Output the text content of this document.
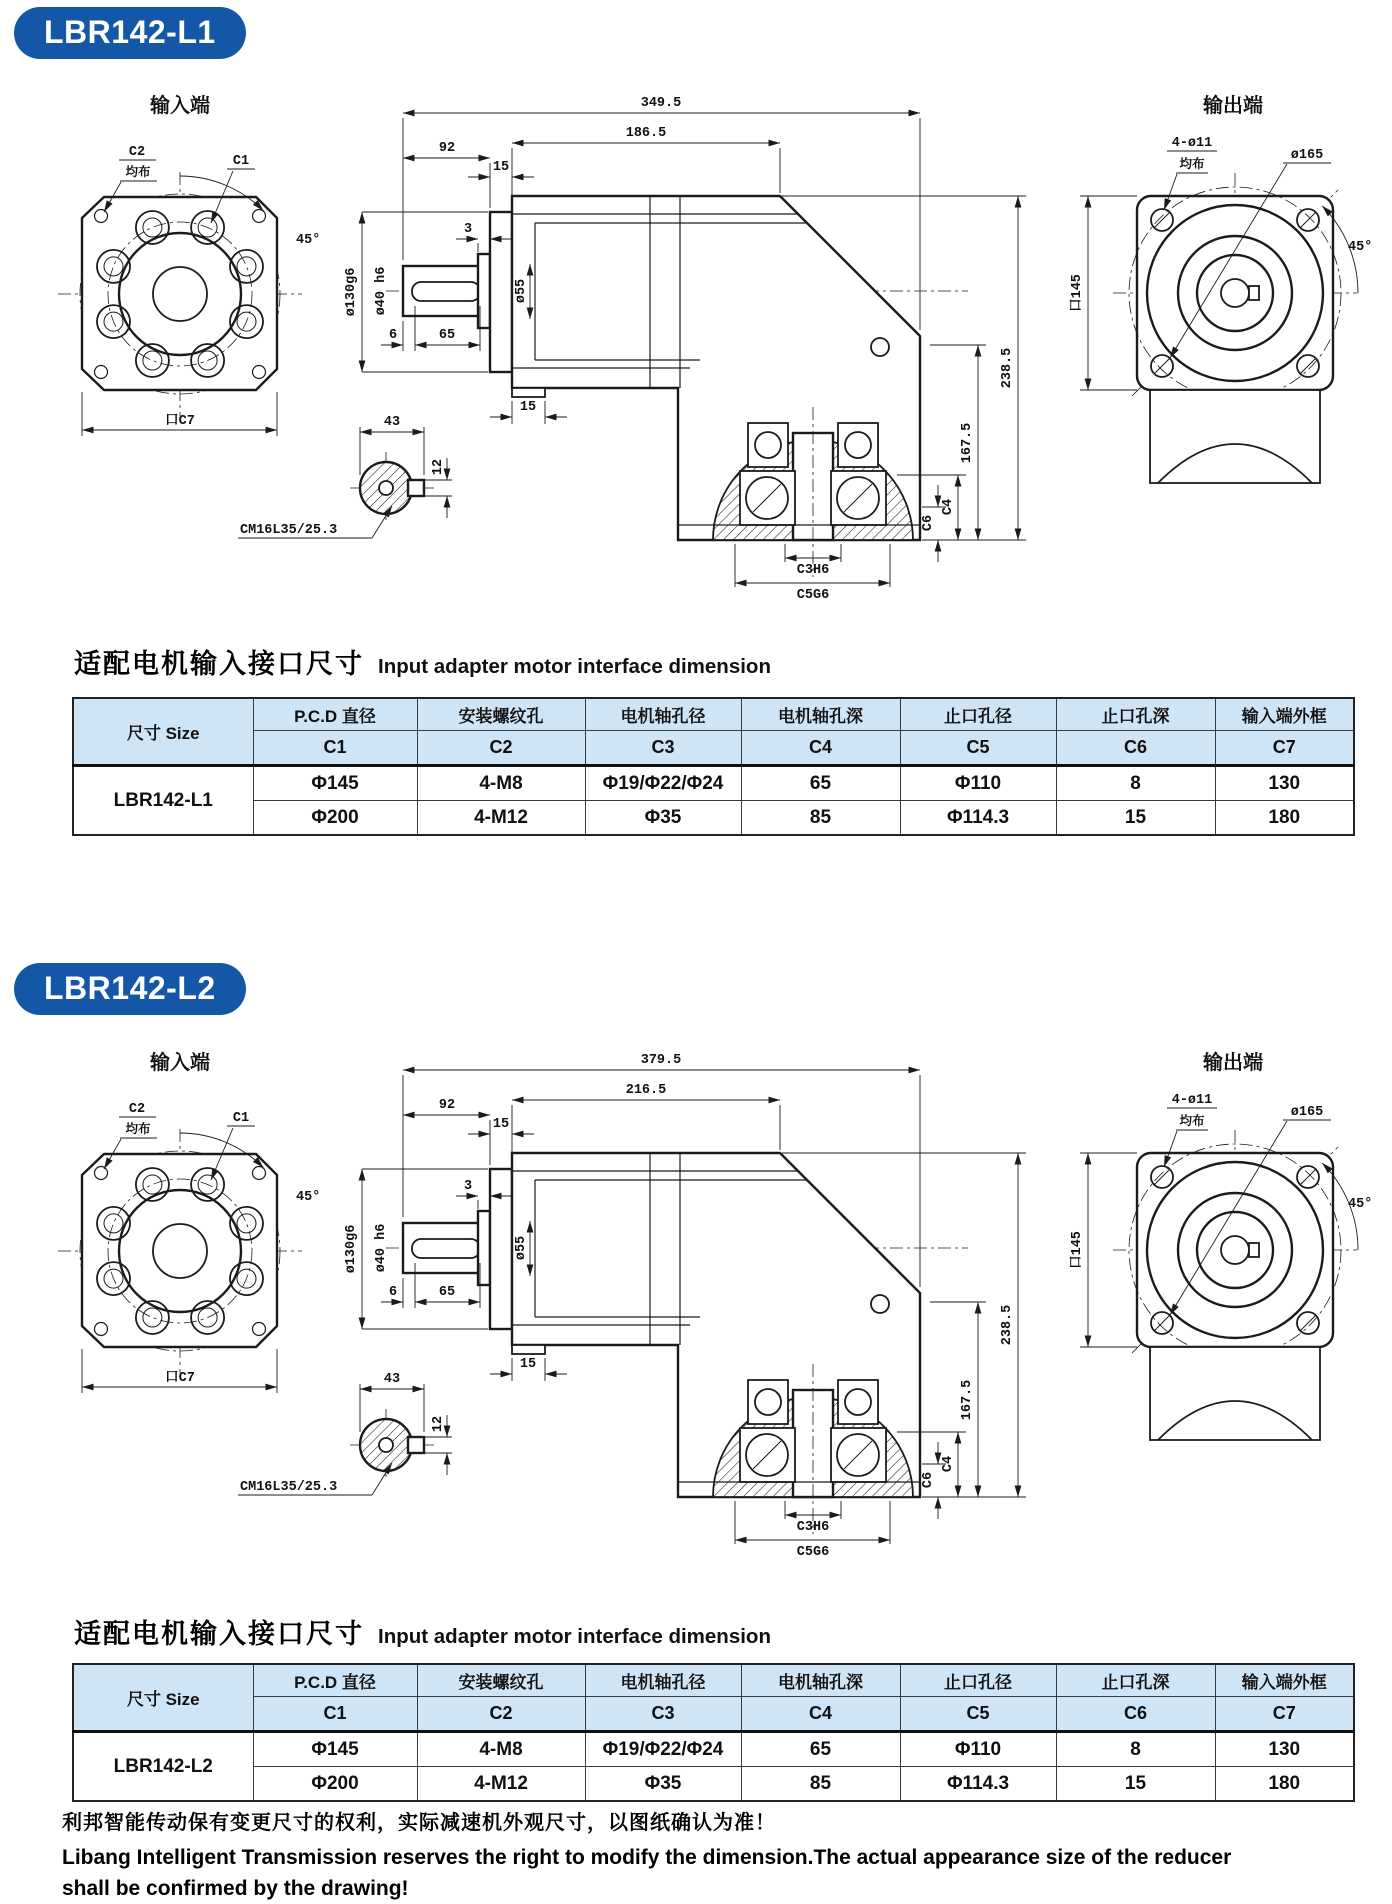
LBR142-L1
输入端
45°
C2
均布
C1
口C7	43
12
CM16L35/25.3
349.5
186.5
92
15
3
ø130g6 ø40 h6	ø55
6	65
15
C3H6
C5G6
C6
C4
167.5
238.5
输出端
4-ø11
均布
ø165
45°
口145
适配电机输入接口尺寸 Input adapter motor interface dimension
尺寸 Size	P.C.D 直径	安装螺纹孔	电机轴孔径	电机轴孔深	止口孔径	止口孔深	输入端外框
	C1	C2	C3	C4	C5	C6	C7
LBR142-L1	Φ145	4-M8	Φ19/Φ22/Φ24	65	Φ110	8	130
	Φ200	4-M12	Φ35	85	Φ114.3	15	180
LBR142-L2
输入端
45°
C2
均布
C1
口C7	43
12
CM16L35/25.3
379.5
216.5
92
15
3
ø130g6 ø40 h6	ø55
6	65
15
C3H6
C5G6
C6
C4
167.5
238.5
输出端
4-ø11
均布
ø165
45°
口145
适配电机输入接口尺寸 Input adapter motor interface dimension
尺寸 Size	P.C.D 直径	安装螺纹孔	电机轴孔径	电机轴孔深	止口孔径	止口孔深	输入端外框
	C1	C2	C3	C4	C5	C6	C7
LBR142-L2	Φ145	4-M8	Φ19/Φ22/Φ24	65	Φ110	8	130
	Φ200	4-M12	Φ35	85	Φ114.3	15	180
利邦智能传动保有变更尺寸的权利，实际减速机外观尺寸，以图纸确认为准！
Libang Intelligent Transmission reserves the right to modify the dimension.The actual appearance size of the reducer
shall be confirmed by the drawing!
